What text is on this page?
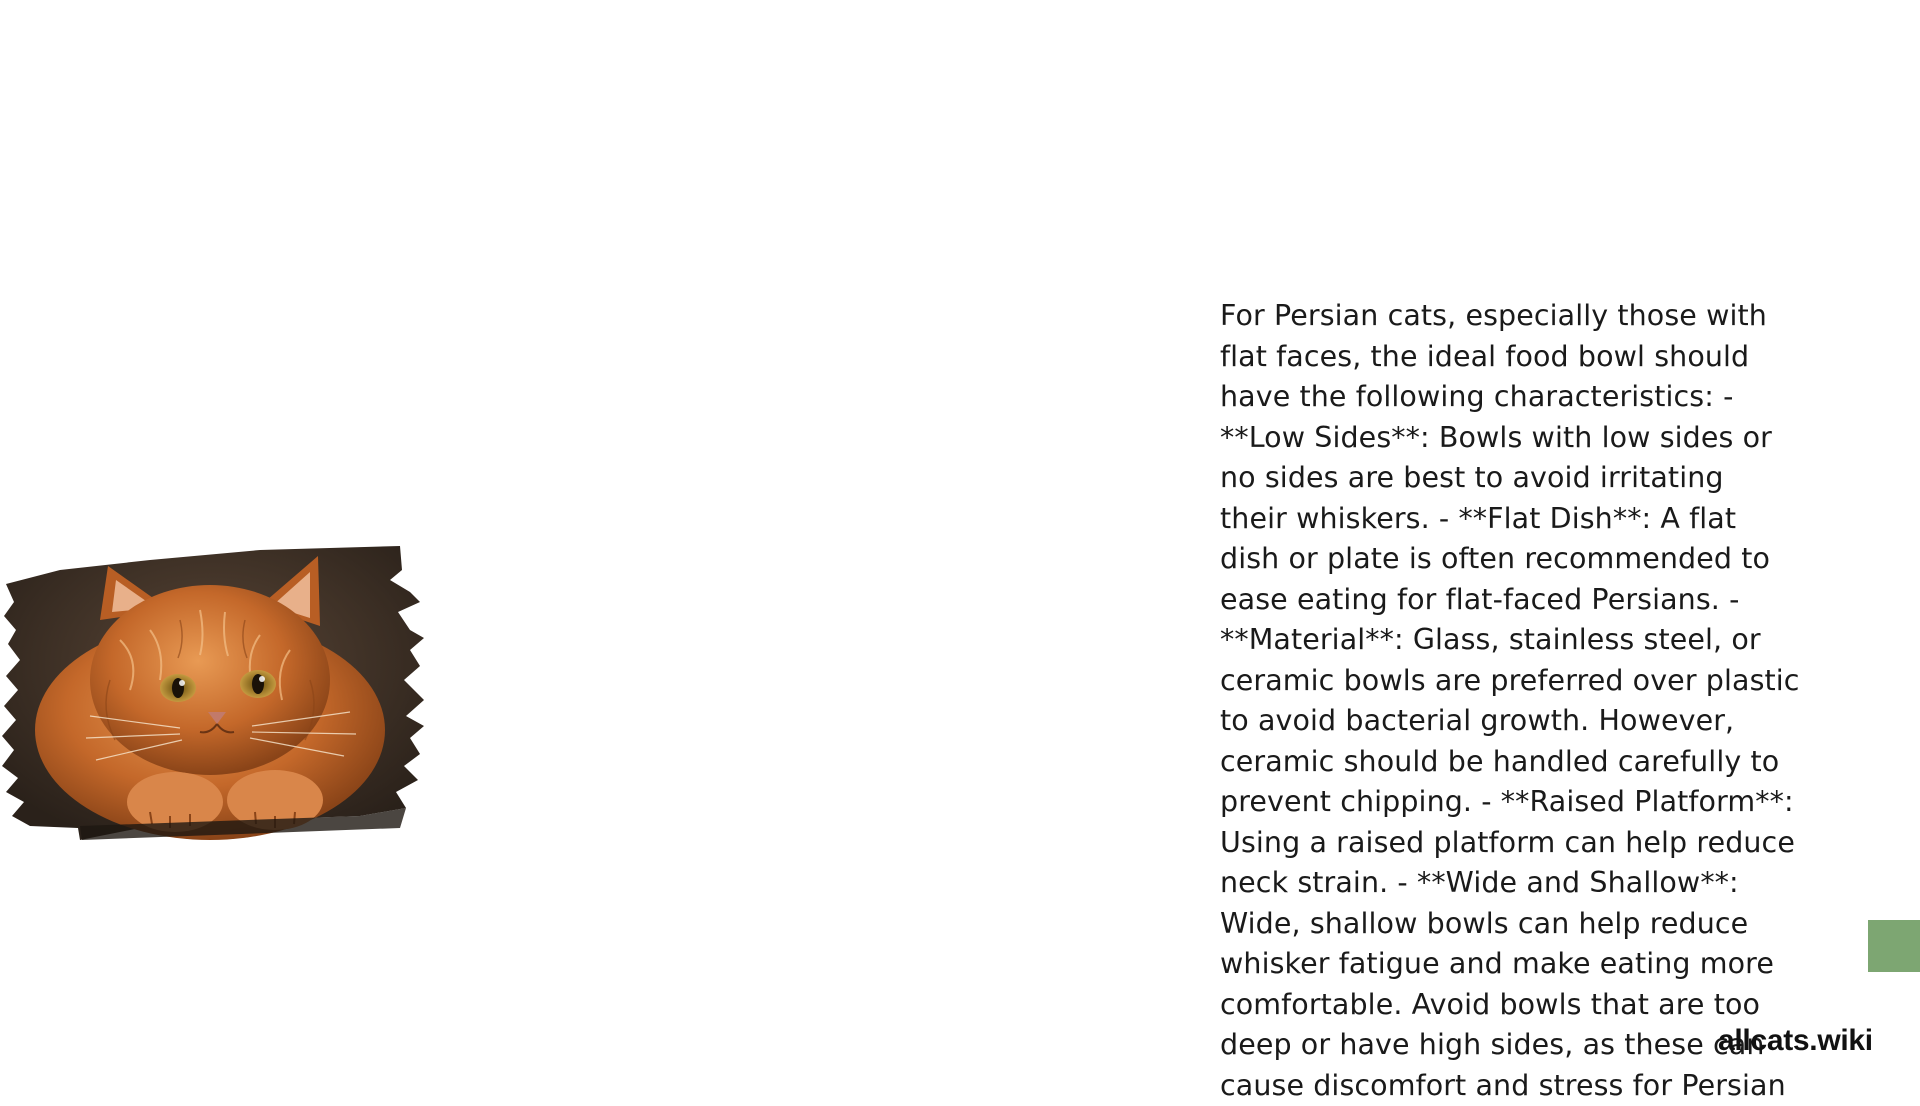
For Persian cats, especially those with
flat faces, the ideal food bowl should
have the following characteristics: -
**Low Sides**: Bowls with low sides or
no sides are best to avoid irritating
their whiskers. - **Flat Dish**: A flat
dish or plate is often recommended to
ease eating for flat-faced Persians. -
**Material**: Glass, stainless steel, or
ceramic bowls are preferred over plastic
to avoid bacterial growth. However,
ceramic should be handled carefully to
prevent chipping. - **Raised Platform**:
Using a raised platform can help reduce
neck strain. - **Wide and Shallow**:
Wide, shallow bowls can help reduce
whisker fatigue and make eating more
comfortable. Avoid bowls that are too
deep or have high sides, as these can
cause discomfort and stress for Persian

allcats.wiki
